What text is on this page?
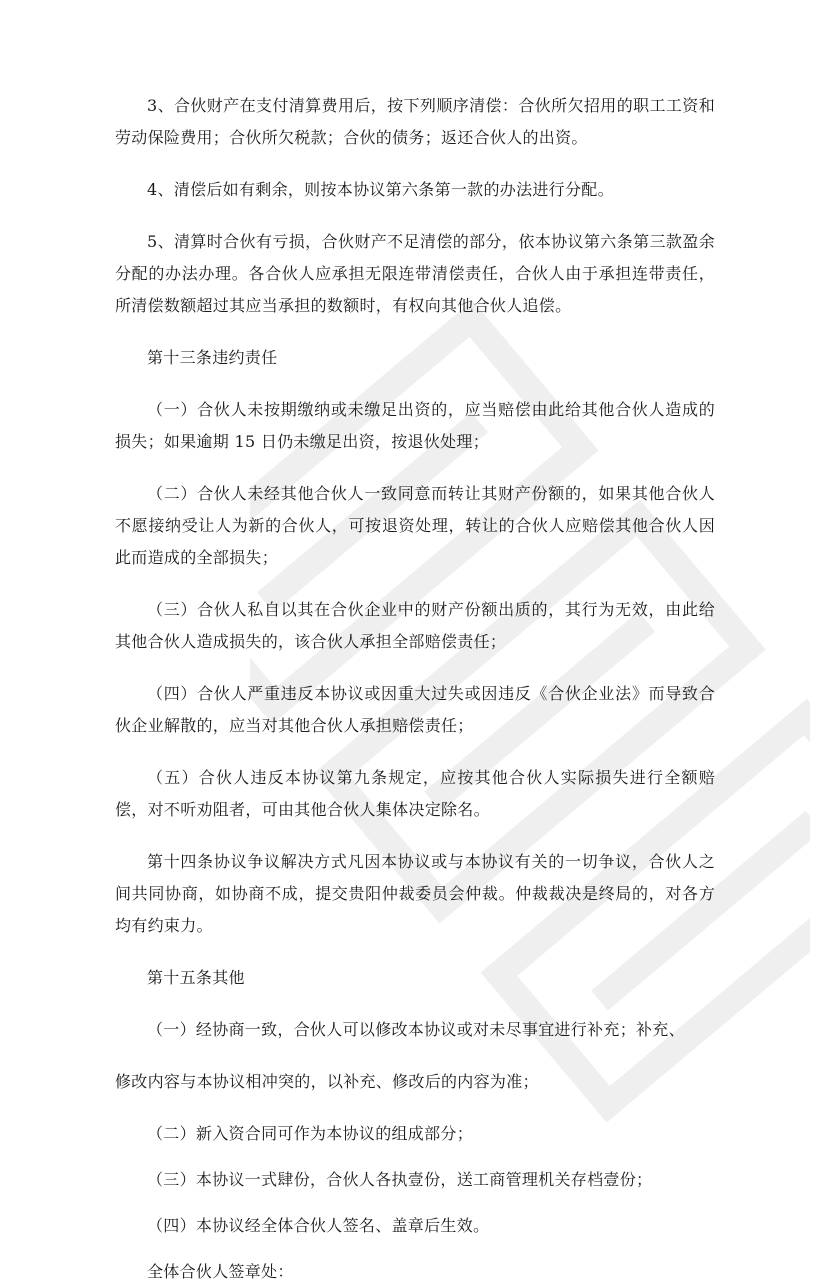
3、合伙财产在支付清算费用后，按下列顺序清偿：合伙所欠招用的职工工资和劳动保险费用；合伙所欠税款；合伙的债务；返还合伙人的出资。

4、清偿后如有剩余，则按本协议第六条第一款的办法进行分配。

5、清算时合伙有亏损，合伙财产不足清偿的部分，依本协议第六条第三款盈余分配的办法办理。各合伙人应承担无限连带清偿责任，合伙人由于承担连带责任，所清偿数额超过其应当承担的数额时，有权向其他合伙人追偿。

第十三条违约责任

（一）合伙人未按期缴纳或未缴足出资的，应当赔偿由此给其他合伙人造成的损失；如果逾期 15 日仍未缴足出资，按退伙处理；

（二）合伙人未经其他合伙人一致同意而转让其财产份额的，如果其他合伙人不愿接纳受让人为新的合伙人，可按退资处理，转让的合伙人应赔偿其他合伙人因此而造成的全部损失；

（三）合伙人私自以其在合伙企业中的财产份额出质的，其行为无效，由此给其他合伙人造成损失的，该合伙人承担全部赔偿责任；

（四）合伙人严重违反本协议或因重大过失或因违反《合伙企业法》而导致合伙企业解散的，应当对其他合伙人承担赔偿责任；

（五）合伙人违反本协议第九条规定，应按其他合伙人实际损失进行全额赔偿，对不听劝阻者，可由其他合伙人集体决定除名。

第十四条协议争议解决方式凡因本协议或与本协议有关的一切争议，合伙人之间共同协商，如协商不成，提交贵阳仲裁委员会仲裁。仲裁裁决是终局的，对各方均有约束力。

第十五条其他

（一）经协商一致，合伙人可以修改本协议或对未尽事宜进行补充；补充、

修改内容与本协议相冲突的，以补充、修改后的内容为准；

（二）新入资合同可作为本协议的组成部分；

（三）本协议一式肆份，合伙人各执壹份，送工商管理机关存档壹份；

（四）本协议经全体合伙人签名、盖章后生效。

全体合伙人签章处：
